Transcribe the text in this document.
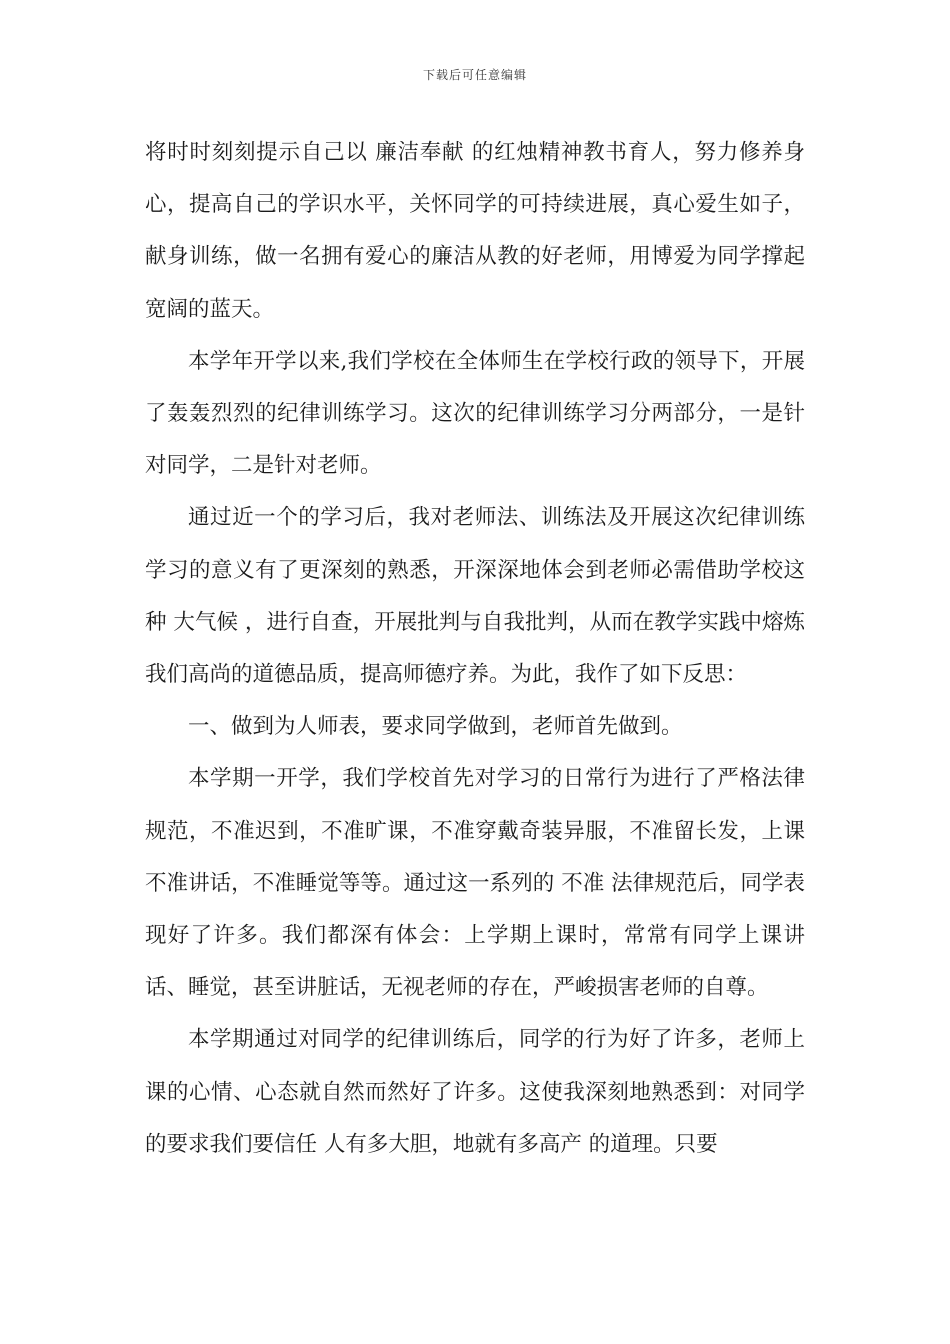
下载后可任意编辑

将时时刻刻提示自己以 廉洁奉献 的红烛精神教书育人，努力修养身心，提高自己的学识水平，关怀同学的可持续进展，真心爱生如子，献身训练，做一名拥有爱心的廉洁从教的好老师，用博爱为同学撑起宽阔的蓝天。

本学年开学以来,我们学校在全体师生在学校行政的领导下，开展了轰轰烈烈的纪律训练学习。这次的纪律训练学习分两部分，一是针对同学，二是针对老师。

通过近一个的学习后，我对老师法、训练法及开展这次纪律训练学习的意义有了更深刻的熟悉，开深深地体会到老师必需借助学校这种 大气候 ，进行自查，开展批判与自我批判，从而在教学实践中熔炼我们高尚的道德品质，提高师德疗养。为此，我作了如下反思：

一、做到为人师表，要求同学做到，老师首先做到。

本学期一开学，我们学校首先对学习的日常行为进行了严格法律规范，不准迟到，不准旷课，不准穿戴奇装异服，不准留长发，上课不准讲话，不准睡觉等等。通过这一系列的 不准 法律规范后，同学表现好了许多。我们都深有体会：上学期上课时，常常有同学上课讲话、睡觉，甚至讲脏话，无视老师的存在，严峻损害老师的自尊。

本学期通过对同学的纪律训练后，同学的行为好了许多，老师上课的心情、心态就自然而然好了许多。这使我深刻地熟悉到：对同学的要求我们要信任 人有多大胆，地就有多高产 的道理。只要
